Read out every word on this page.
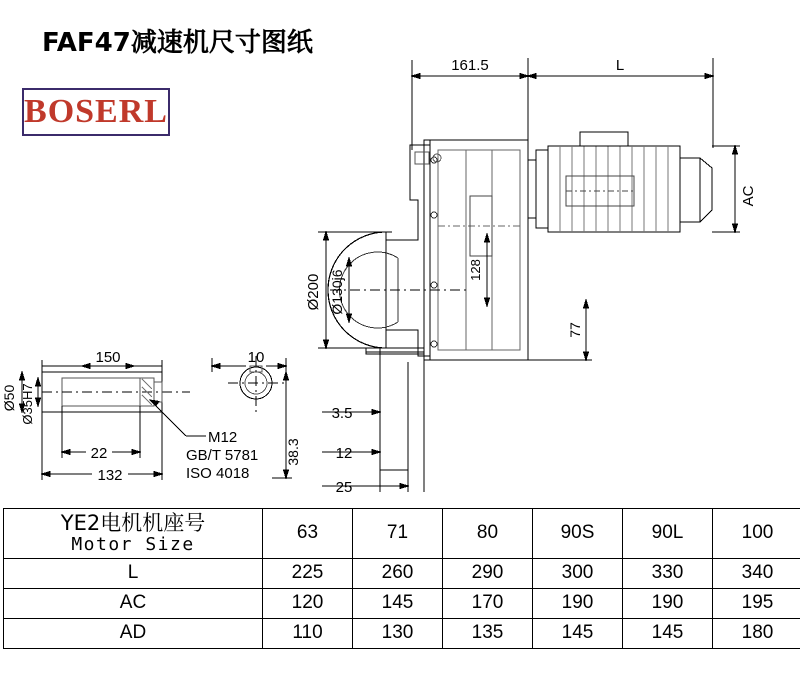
FAF47减速机尺寸图纸
BOSERL
161.5	L
AC
128
Ø200 Ø130j6
77
3.5
12
25
150
132
22
10
Ø50 Ø35H7
38.3
M12
GB/T 5781
ISO 4018
YE2电机机座号
Motor Size	63	71	80	90S	90L	100
L	225	260	290	300	330	340
AC	120	145	170	190	190	195
AD	110	130	135	145	145	180
